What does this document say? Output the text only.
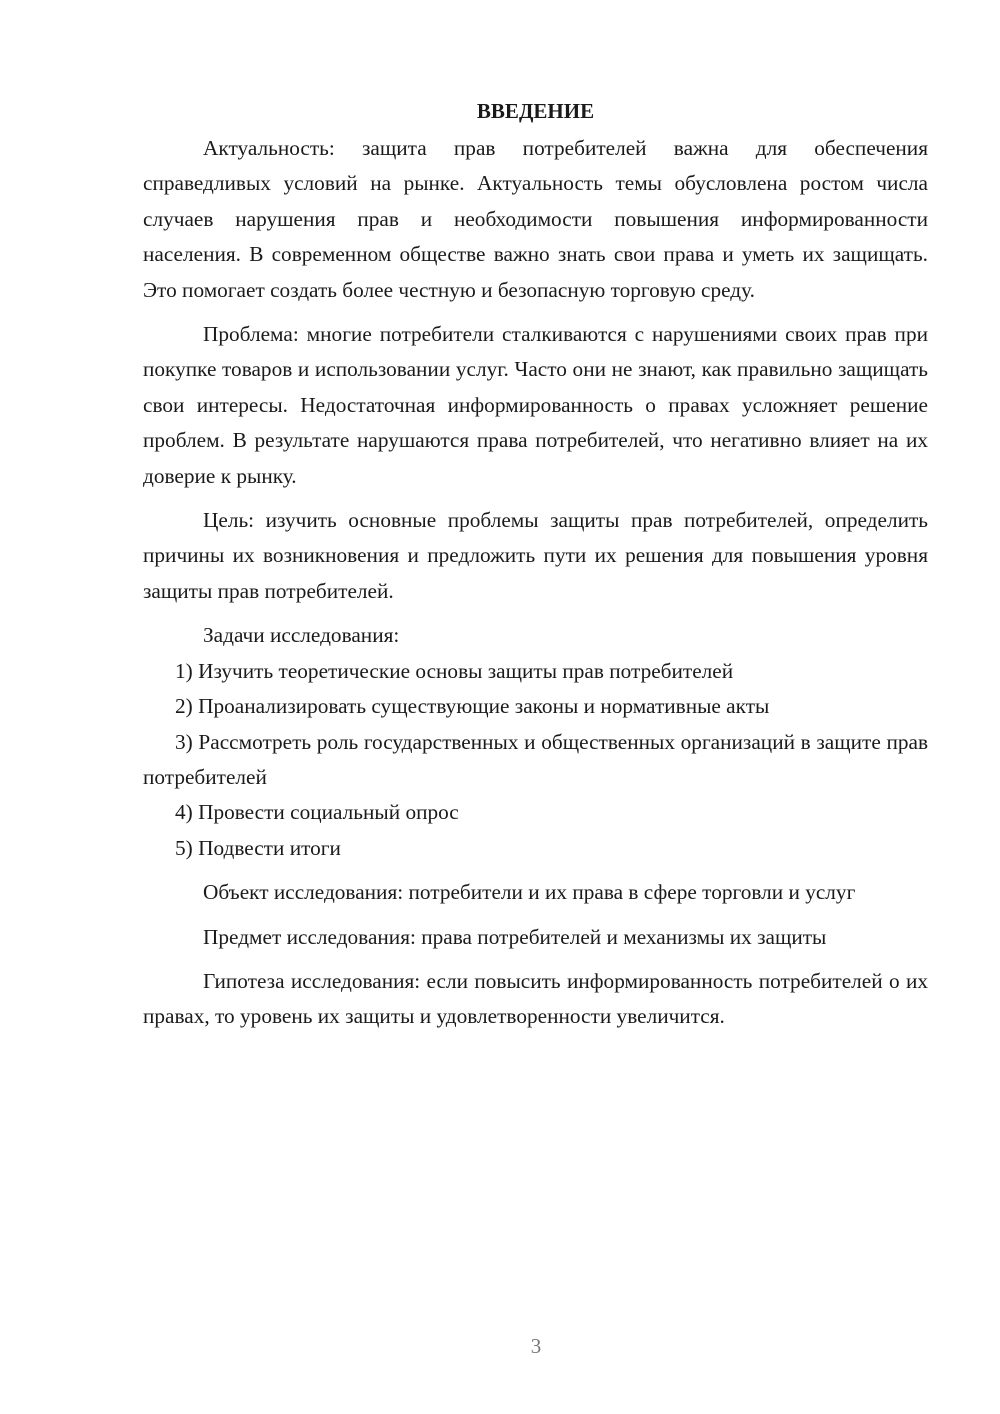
ВВЕДЕНИЕ

Актуальность: защита прав потребителей важна для обеспечения справедливых условий на рынке. Актуальность темы обусловлена ростом числа случаев нарушения прав и необходимости повышения информированности населения. В современном обществе важно знать свои права и уметь их защищать. Это помогает создать более честную и безопасную торговую среду.

Проблема: многие потребители сталкиваются с нарушениями своих прав при покупке товаров и использовании услуг. Часто они не знают, как правильно защищать свои интересы. Недостаточная информированность о правах усложняет решение проблем. В результате нарушаются права потребителей, что негативно влияет на их доверие к рынку.

Цель: изучить основные проблемы защиты прав потребителей, определить причины их возникновения и предложить пути их решения для повышения уровня защиты прав потребителей.

Задачи исследования:

1) Изучить теоретические основы защиты прав потребителей

2) Проанализировать существующие законы и нормативные акты

3) Рассмотреть роль государственных и общественных организаций в защите прав потребителей

4) Провести социальный опрос

5) Подвести итоги

Объект исследования: потребители и их права в сфере торговли и услуг

Предмет исследования: права потребителей и механизмы их защиты

Гипотеза исследования: если повысить информированность потребителей о их правах, то уровень их защиты и удовлетворенности увеличится.

3
